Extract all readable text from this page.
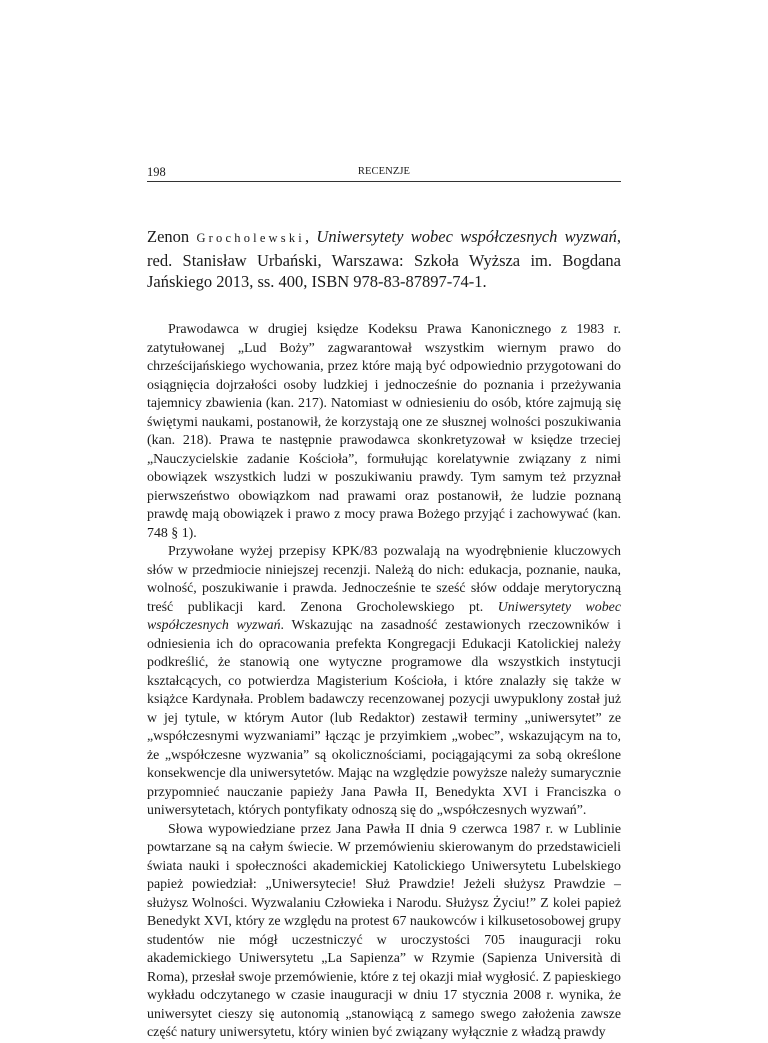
198	RECENZJE
Zenon Grocholewski, Uniwersytety wobec współczesnych wyzwań, red. Stanisław Urbański, Warszawa: Szkoła Wyższa im. Bogdana Jańskiego 2013, ss. 400, ISBN 978-83-87897-74-1.

Prawodawca w drugiej księdze Kodeksu Prawa Kanonicznego z 1983 r. zatytułowanej „Lud Boży” zagwarantował wszystkim wiernym prawo do chrześcijańskiego wychowania, przez które mają być odpowiednio przygotowani do osiągnięcia dojrzałości osoby ludzkiej i jednocześnie do poznania i przeżywania tajemnicy zbawienia (kan. 217). Natomiast w odniesieniu do osób, które zajmują się świętymi naukami, postanowił, że korzystają one ze słusznej wolności poszukiwania (kan. 218). Prawa te następnie prawodawca skonkretyzował w księdze trzeciej „Nauczycielskie zadanie Kościoła”, formułując korelatywnie związany z nimi obowiązek wszystkich ludzi w poszukiwaniu prawdy. Tym samym też przyznał pierwszeństwo obowiązkom nad prawami oraz postanowił, że ludzie poznaną prawdę mają obowiązek i prawo z mocy prawa Bożego przyjąć i zachowywać (kan. 748 § 1).

Przywołane wyżej przepisy KPK/83 pozwalają na wyodrębnienie kluczowych słów w przedmiocie niniejszej recenzji. Należą do nich: edukacja, poznanie, nauka, wolność, poszukiwanie i prawda. Jednocześnie te sześć słów oddaje merytoryczną treść publikacji kard. Zenona Grocholewskiego pt. Uniwersytety wobec współczesnych wyzwań. Wskazując na zasadność zestawionych rzeczowników i odniesienia ich do opracowania prefekta Kongregacji Edukacji Katolickiej należy podkreślić, że stanowią one wytyczne programowe dla wszystkich instytucji kształcących, co potwierdza Magisterium Kościoła, i które znalazły się także w książce Kardynała. Problem badawczy recenzowanej pozycji uwypuklony został już w jej tytule, w którym Autor (lub Redaktor) zestawił terminy „uniwersytet” ze „współczesnymi wyzwaniami” łącząc je przyimkiem „wobec”, wskazującym na to, że „współczesne wyzwania” są okolicznościami, pociągającymi za sobą określone konsekwencje dla uniwersytetów. Mając na względzie powyższe należy sumarycznie przypomnieć nauczanie papieży Jana Pawła II, Benedykta XVI i Franciszka o uniwersytetach, których pontyfikaty odnoszą się do „współczesnych wyzwań”.

Słowa wypowiedziane przez Jana Pawła II dnia 9 czerwca 1987 r. w Lublinie powtarzane są na całym świecie. W przemówieniu skierowanym do przedstawicieli świata nauki i społeczności akademickiej Katolickiego Uniwersytetu Lubelskiego papież powiedział: „Uniwersytecie! Służ Prawdzie! Jeżeli służysz Prawdzie – służysz Wolności. Wyzwalaniu Człowieka i Narodu. Służysz Życiu!” Z kolei papież Benedykt XVI, który ze względu na protest 67 naukowców i kilkusetosobowej grupy studentów nie mógł uczestniczyć w uroczystości 705 inauguracji roku akademickiego Uniwersytetu „La Sapienza” w Rzymie (Sapienza Università di Roma), przesłał swoje przemówienie, które z tej okazji miał wygłosić. Z papieskiego wykładu odczytanego w czasie inauguracji w dniu 17 stycznia 2008 r. wynika, że uniwersytet cieszy się autonomią „stanowiącą z samego swego założenia zawsze część natury uniwersytetu, który winien być związany wyłącznie z władzą prawdy
